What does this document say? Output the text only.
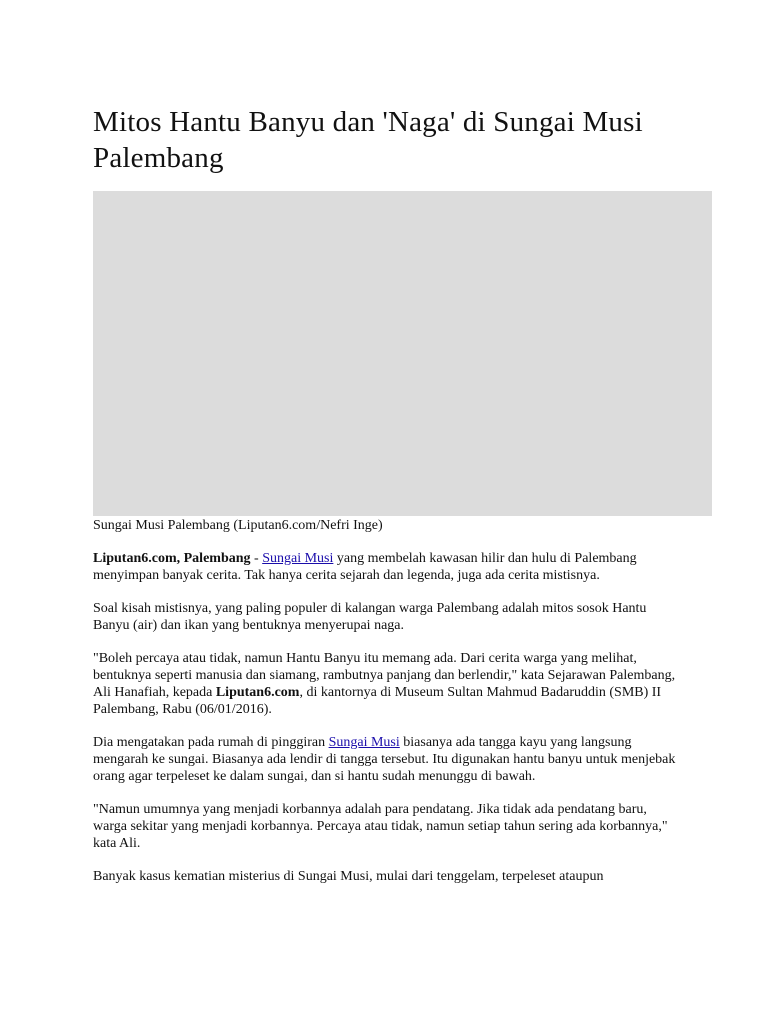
Mitos Hantu Banyu dan 'Naga' di Sungai Musi Palembang
Sungai Musi Palembang (Liputan6.com/Nefri Inge)

Liputan6.com, Palembang - Sungai Musi yang membelah kawasan hilir dan hulu di Palembang menyimpan banyak cerita. Tak hanya cerita sejarah dan legenda, juga ada cerita mistisnya.

Soal kisah mistisnya, yang paling populer di kalangan warga Palembang adalah mitos sosok Hantu Banyu (air) dan ikan yang bentuknya menyerupai naga.

"Boleh percaya atau tidak, namun Hantu Banyu itu memang ada. Dari cerita warga yang melihat, bentuknya seperti manusia dan siamang, rambutnya panjang dan berlendir," kata Sejarawan Palembang, Ali Hanafiah, kepada Liputan6.com, di kantornya di Museum Sultan Mahmud Badaruddin (SMB) II Palembang, Rabu (06/01/2016).

Dia mengatakan pada rumah di pinggiran Sungai Musi biasanya ada tangga kayu yang langsung mengarah ke sungai. Biasanya ada lendir di tangga tersebut. Itu digunakan hantu banyu untuk menjebak orang agar terpeleset ke dalam sungai, dan si hantu sudah menunggu di bawah.

"Namun umumnya yang menjadi korbannya adalah para pendatang. Jika tidak ada pendatang baru, warga sekitar yang menjadi korbannya. Percaya atau tidak, namun setiap tahun sering ada korbannya," kata Ali.

Banyak kasus kematian misterius di Sungai Musi, mulai dari tenggelam, terpeleset ataupun
